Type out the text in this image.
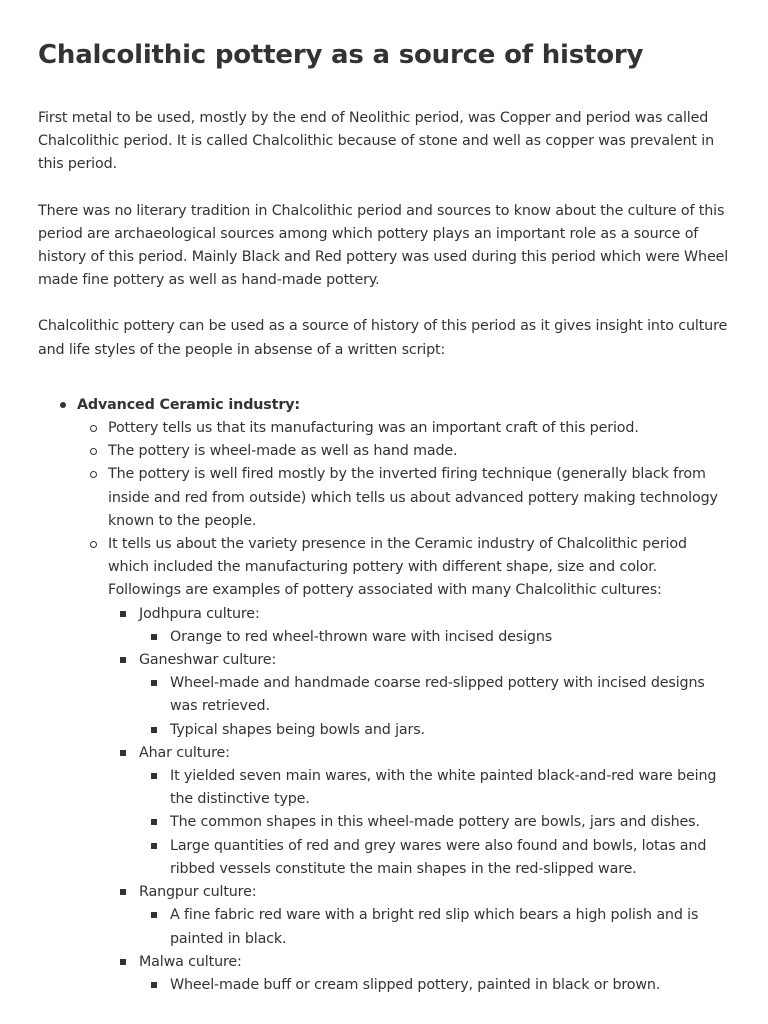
Chalcolithic pottery as a source of history

First metal to be used, mostly by the end of Neolithic period, was Copper and period was called Chalcolithic period. It is called Chalcolithic because of stone and well as copper was prevalent in this period.

There was no literary tradition in Chalcolithic period and sources to know about the culture of this period are archaeological sources among which pottery plays an important role as a source of history of this period. Mainly Black and Red pottery was used during this period which were Wheel made fine pottery as well as hand-made pottery.

Chalcolithic pottery can be used as a source of history of this period as it gives insight into culture and life styles of the people in absense of a written script:

Advanced Ceramic industry:
Pottery tells us that its manufacturing was an important craft of this period.
The pottery is wheel-made as well as hand made.
The pottery is well fired mostly by the inverted firing technique (generally black from inside and red from outside) which tells us about advanced pottery making technology known to the people.
It tells us about the variety presence in the Ceramic industry of Chalcolithic period which included the manufacturing pottery with different shape, size and color. Followings are examples of pottery associated with many Chalcolithic cultures:
Jodhpura culture:
Orange to red wheel-thrown ware with incised designs
Ganeshwar culture:
Wheel-made and handmade coarse red-slipped pottery with incised designs was retrieved.
Typical shapes being bowls and jars.
Ahar culture:
It yielded seven main wares, with the white painted black-and-red ware being the distinctive type.
The common shapes in this wheel-made pottery are bowls, jars and dishes.
Large quantities of red and grey wares were also found and bowls, lotas and ribbed vessels constitute the main shapes in the red-slipped ware.
Rangpur culture:
A fine fabric red ware with a bright red slip which bears a high polish and is painted in black.
Malwa culture:
Wheel-made buff or cream slipped pottery, painted in black or brown.
